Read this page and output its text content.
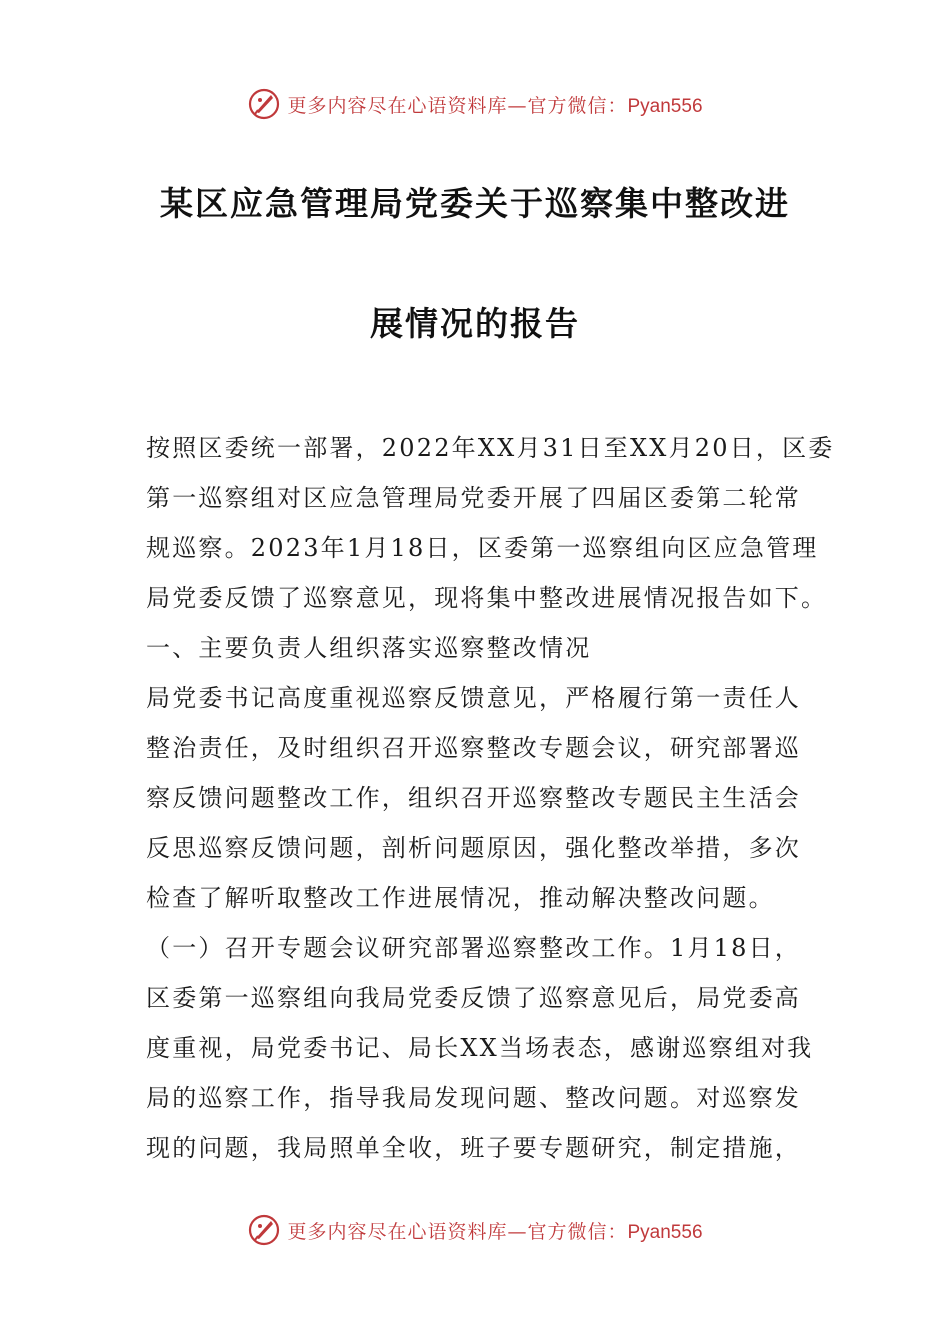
更多内容尽在心语资料库—官方微信：Pyan556
某区应急管理局党委关于巡察集中整改进
展情况的报告
按照区委统一部署，2022年XX月31日至XX月20日，区委
第一巡察组对区应急管理局党委开展了四届区委第二轮常
规巡察。2023年1月18日，区委第一巡察组向区应急管理
局党委反馈了巡察意见，现将集中整改进展情况报告如下。
一、主要负责人组织落实巡察整改情况
局党委书记高度重视巡察反馈意见，严格履行第一责任人
整治责任，及时组织召开巡察整改专题会议，研究部署巡
察反馈问题整改工作，组织召开巡察整改专题民主生活会
反思巡察反馈问题，剖析问题原因，强化整改举措，多次
检查了解听取整改工作进展情况，推动解决整改问题。
（一）召开专题会议研究部署巡察整改工作。1月18日，
区委第一巡察组向我局党委反馈了巡察意见后，局党委高
度重视，局党委书记、局长XX当场表态，感谢巡察组对我
局的巡察工作，指导我局发现问题、整改问题。对巡察发
现的问题，我局照单全收，班子要专题研究，制定措施，
更多内容尽在心语资料库—官方微信：Pyan556
